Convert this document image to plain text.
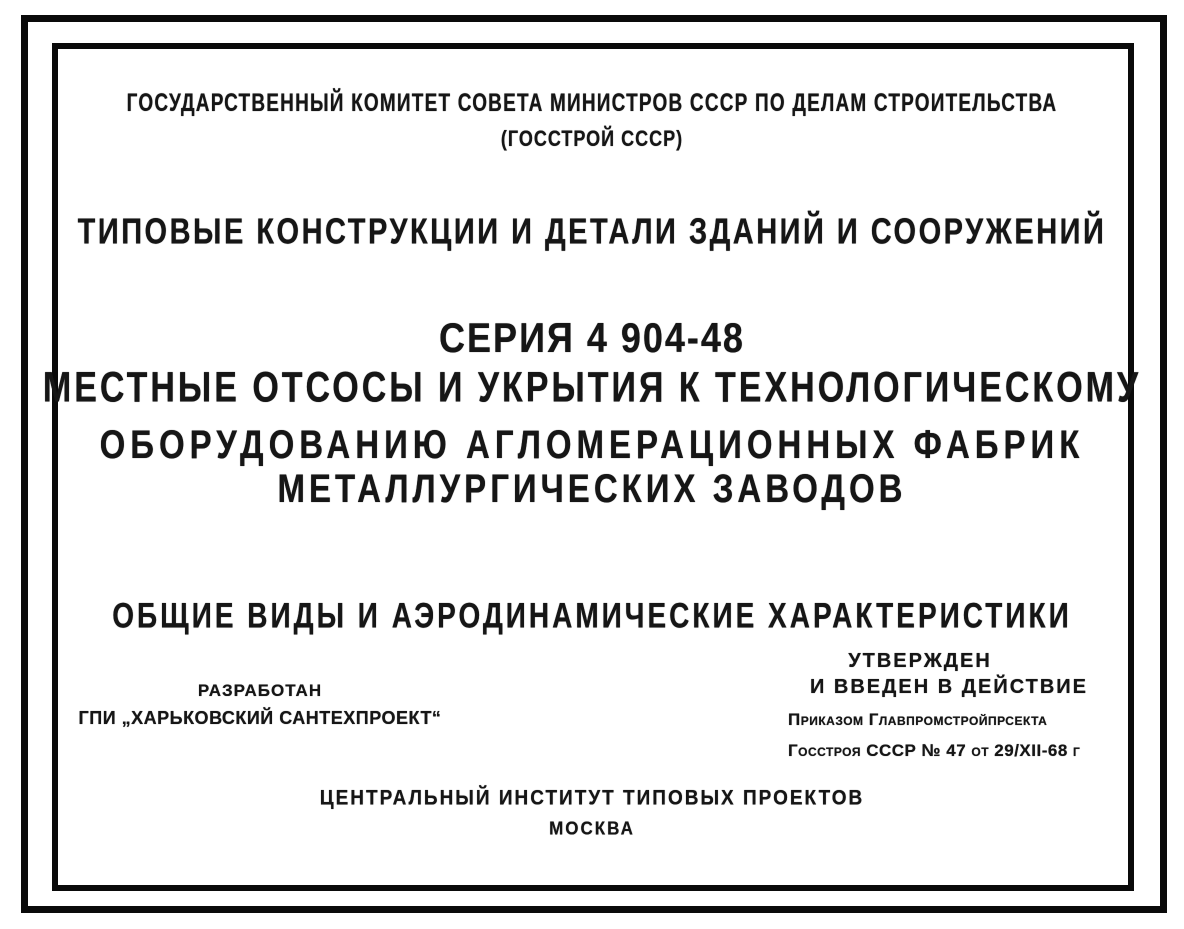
ГОСУДАРСТВЕННЫЙ КОМИТЕТ СОВЕТА МИНИСТРОВ СССР ПО ДЕЛАМ СТРОИТЕЛЬСТВА
(ГОССТРОЙ СССР)
ТИПОВЫЕ КОНСТРУКЦИИ И ДЕТАЛИ ЗДАНИЙ И СООРУЖЕНИЙ
СЕРИЯ 4 904-48
МЕСТНЫЕ ОТСОСЫ И УКРЫТИЯ К ТЕХНОЛОГИЧЕСКОМУ
ОБОРУДОВАНИЮ АГЛОМЕРАЦИОННЫХ ФАБРИК
МЕТАЛЛУРГИЧЕСКИХ ЗАВОДОВ
ОБЩИЕ ВИДЫ И АЭРОДИНАМИЧЕСКИЕ ХАРАКТЕРИСТИКИ
РАЗРАБОТАН
ГПИ „ХАРЬКОВСКИЙ САНТЕХПРОЕКТ“
УТВЕРЖДЕН
И ВВЕДЕН В ДЕЙСТВИЕ
Приказом Главпромстройпрсекта
Госстроя СССР № 47 от 29/XII-68 г
ЦЕНТРАЛЬНЫЙ ИНСТИТУТ ТИПОВЫХ ПРОЕКТОВ
МОСКВА
